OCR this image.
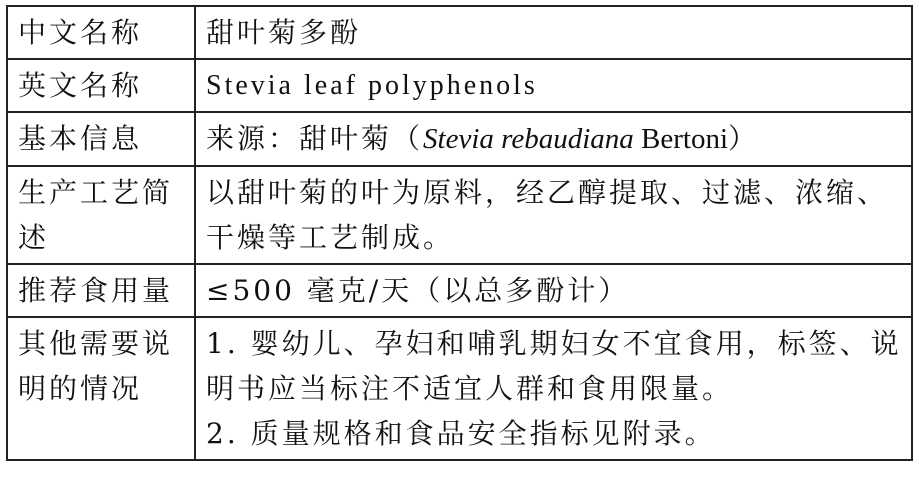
中文名称	甜叶菊多酚
英文名称	Stevia leaf polyphenols
基本信息	来源：甜叶菊（Stevia rebaudiana Bertoni）
生产工艺简述	以甜叶菊的叶为原料，经乙醇提取、过滤、浓缩、干燥等工艺制成。
推荐食用量	≤500 毫克/天（以总多酚计）
其他需要说明的情况	1. 婴幼儿、孕妇和哺乳期妇女不宜食用，标签、说明书应当标注不适宜人群和食用限量。
2. 质量规格和食品安全指标见附录。
